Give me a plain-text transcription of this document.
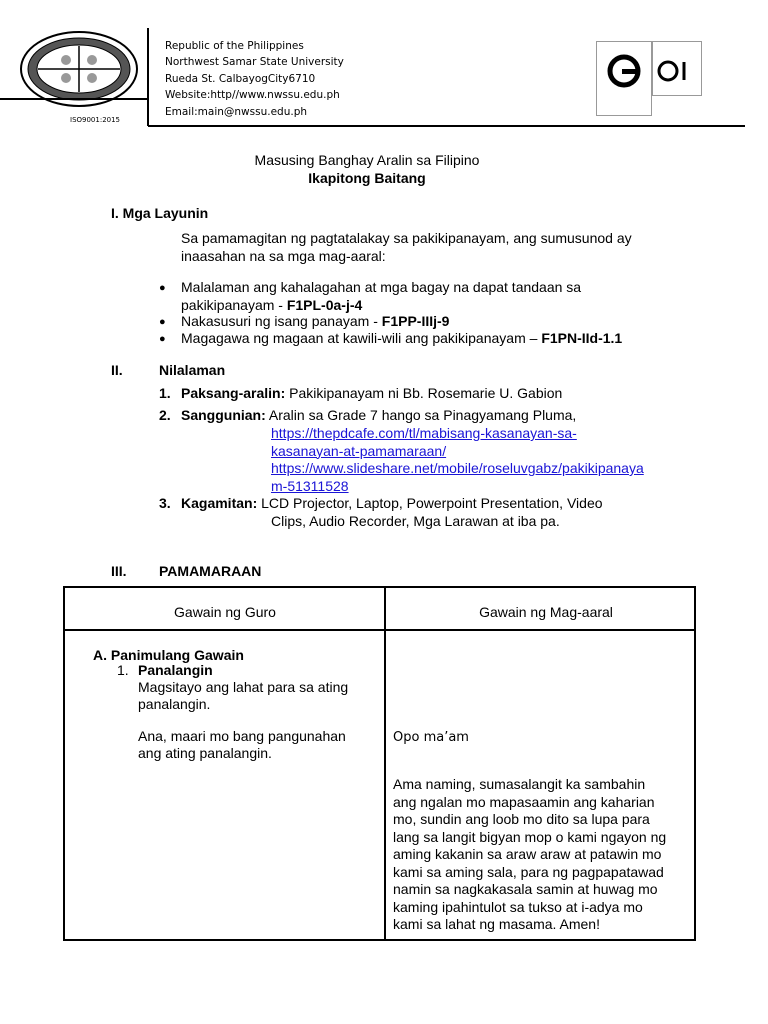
ISO9001:2015
Republic of the Philippines
Northwest Samar State University
Rueda St. CalbayogCity6710
Website:http//www.nwssu.edu.ph
Email:main@nwssu.edu.ph
Masusing Banghay Aralin sa Filipino
Ikapitong Baitang
I. Mga Layunin
Sa pamamagitan ng pagtatalakay sa pakikipanayam, ang sumusunod ay
inaasahan na sa mga mag-aaral:
● Malalaman ang kahalagahan at mga bagay na dapat tandaan sa
pakikipanayam - F1PL-0a-j-4
● Nakasusuri ng isang panayam - F1PP-IIIj-9
● Magagawa ng magaan at kawili-wili ang pakikipanayam – F1PN-IId-1.1
II.	Nilalaman
1. Paksang-aralin: Pakikipanayam ni Bb. Rosemarie U. Gabion
2. Sanggunian: Aralin sa Grade 7 hango sa Pinagyamang Pluma,
https://thepdcafe.com/tl/mabisang-kasanayan-sa-
kasanayan-at-pamamaraan/
https://www.slideshare.net/mobile/roseluvgabz/pakikipanaya
m-51311528
3. Kagamitan: LCD Projector, Laptop, Powerpoint Presentation, Video
Clips, Audio Recorder, Mga Larawan at iba pa.
III. PAMAMARAAN
Gawain ng Guro	Gawain ng Mag-aaral
A. Panimulang Gawain
1. Panalangin
Magsitayo ang lahat para sa ating
panalangin.
Ana, maari mo bang pangunahan
ang ating panalangin.
Opo ma’am
Ama naming, sumasalangit ka sambahin
ang ngalan mo mapasaamin ang kaharian
mo, sundin ang loob mo dito sa lupa para
lang sa langit bigyan mop o kami ngayon ng
aming kakanin sa araw araw at patawin mo
kami sa aming sala, para ng pagpapatawad
namin sa nagkakasala samin at huwag mo
kaming ipahintulot sa tukso at i-adya mo
kami sa lahat ng masama. Amen!
